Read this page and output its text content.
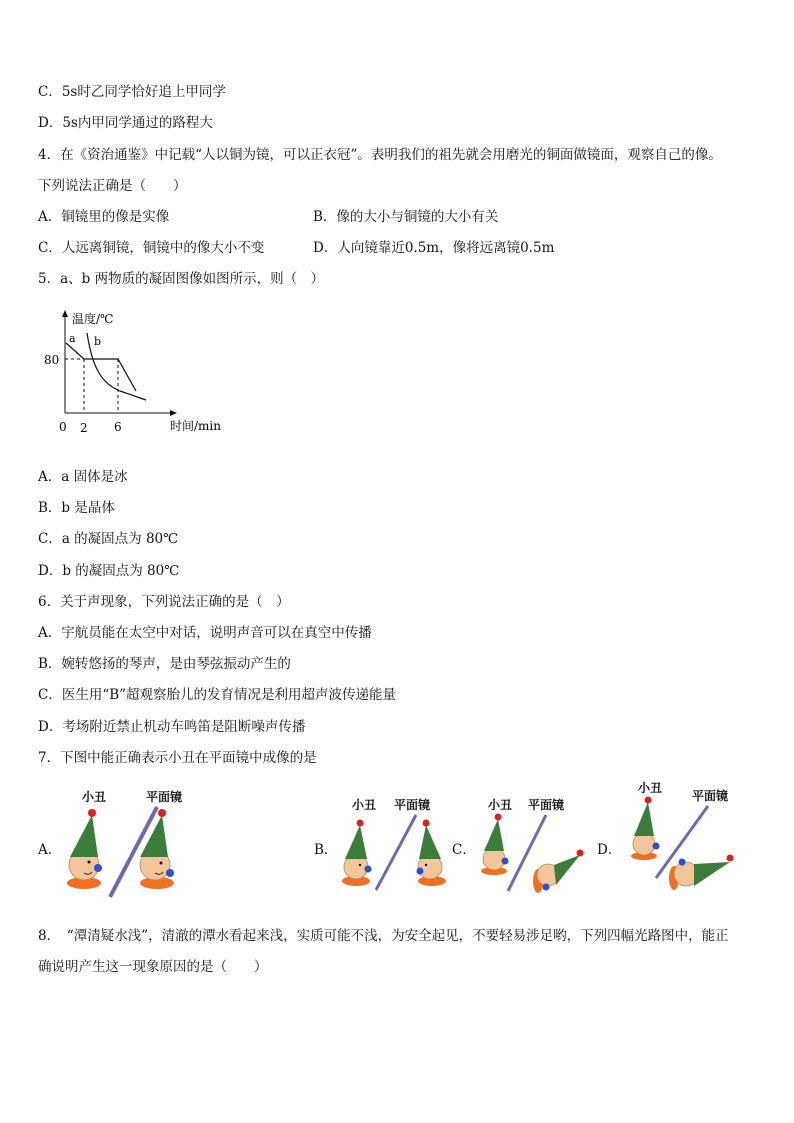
C．5s时乙同学恰好追上甲同学
D．5s内甲同学通过的路程大
4．在《资治通鉴》中记载“人以铜为镜，可以正衣冠”。表明我们的祖先就会用磨光的铜面做镜面，观察自己的像。
下列说法正确是（　　）
A．铜镜里的像是实像	B．像的大小与铜镜的大小有关
C．人远离铜镜，铜镜中的像大小不变	D．人向镜靠近0.5m，像将远离镜0.5m
5．a、b 两物质的凝固图像如图所示，则（　）
温度/℃
时间/min
80
0 2 6
a b
A．a 固体是冰
B．b 是晶体
C．a 的凝固点为 80℃
D．b 的凝固点为 80℃
6．关于声现象，下列说法正确的是（　）
A．宇航员能在太空中对话，说明声音可以在真空中传播
B．婉转悠扬的琴声，是由琴弦振动产生的
C．医生用“B”超观察胎儿的发育情况是利用超声波传递能量
D．考场附近禁止机动车鸣笛是阻断噪声传播
7．下图中能正确表示小丑在平面镜中成像的是
A．	B．	C．	D．
小丑	平面镜
小丑 平面镜	小丑 平面镜
小丑
平面镜
8．　“潭清疑水浅”，清澈的潭水看起来浅，实质可能不浅，为安全起见，不要轻易涉足哟，下列四幅光路图中，能正
确说明产生这一现象原因的是（　　）
